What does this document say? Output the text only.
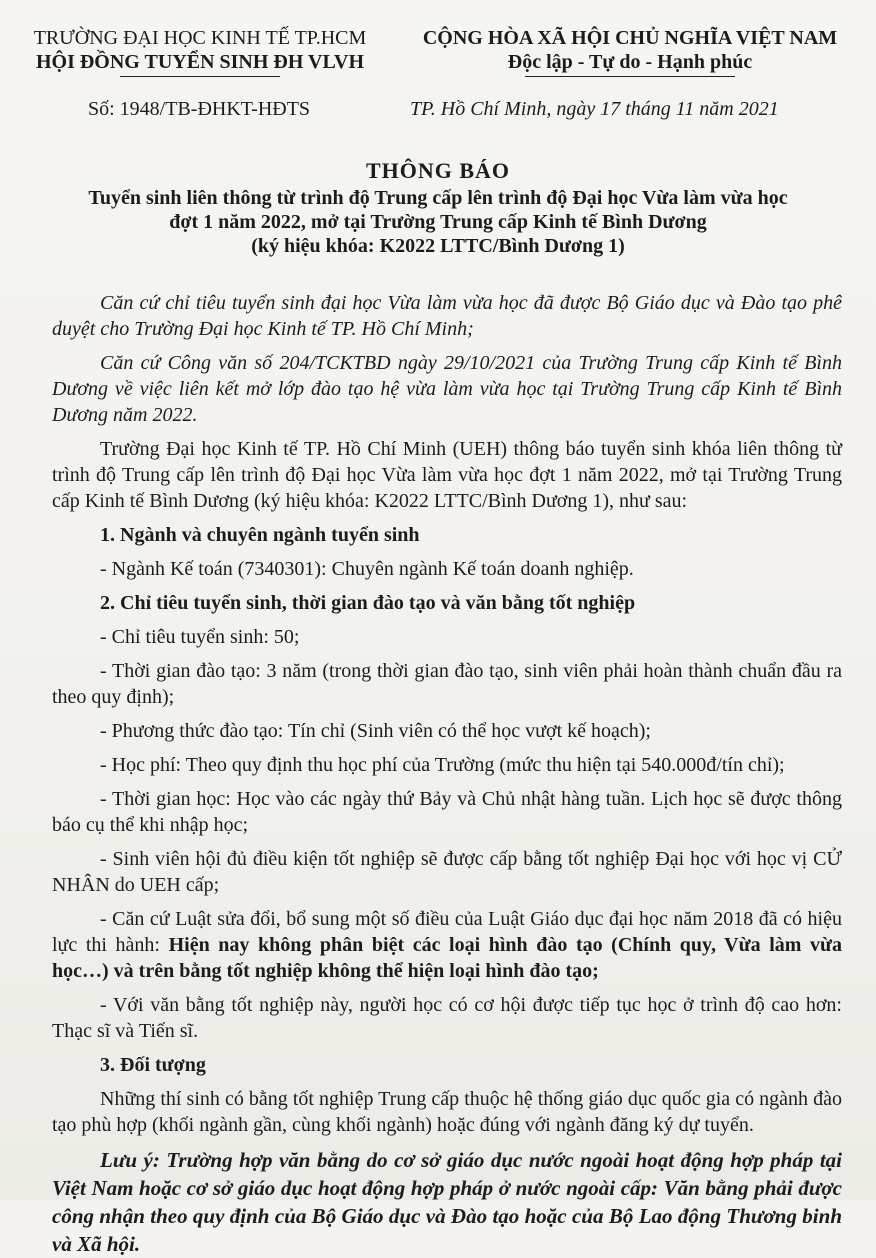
TRƯỜNG ĐẠI HỌC KINH TẾ TP.HCM
HỘI ĐỒNG TUYỂN SINH ĐH VLVH
CỘNG HÒA XÃ HỘI CHỦ NGHĨA VIỆT NAM
Độc lập - Tự do - Hạnh phúc
Số: 1948/TB-ĐHKT-HĐTS	TP. Hồ Chí Minh, ngày 17 tháng 11 năm 2021
THÔNG BÁO
Tuyển sinh liên thông từ trình độ Trung cấp lên trình độ Đại học Vừa làm vừa học
đợt 1 năm 2022, mở tại Trường Trung cấp Kinh tế Bình Dương
(ký hiệu khóa: K2022 LTTC/Bình Dương 1)

Căn cứ chỉ tiêu tuyển sinh đại học Vừa làm vừa học đã được Bộ Giáo dục và Đào tạo phê duyệt cho Trường Đại học Kinh tế TP. Hồ Chí Minh;

Căn cứ Công văn số 204/TCKTBD ngày 29/10/2021 của Trường Trung cấp Kinh tế Bình Dương về việc liên kết mở lớp đào tạo hệ vừa làm vừa học tại Trường Trung cấp Kinh tế Bình Dương năm 2022.

Trường Đại học Kinh tế TP. Hồ Chí Minh (UEH) thông báo tuyển sinh khóa liên thông từ trình độ Trung cấp lên trình độ Đại học Vừa làm vừa học đợt 1 năm 2022, mở tại Trường Trung cấp Kinh tế Bình Dương (ký hiệu khóa: K2022 LTTC/Bình Dương 1), như sau:

1. Ngành và chuyên ngành tuyển sinh

- Ngành Kế toán (7340301): Chuyên ngành Kế toán doanh nghiệp.

2. Chỉ tiêu tuyển sinh, thời gian đào tạo và văn bằng tốt nghiệp

- Chỉ tiêu tuyển sinh: 50;

- Thời gian đào tạo: 3 năm (trong thời gian đào tạo, sinh viên phải hoàn thành chuẩn đầu ra theo quy định);

- Phương thức đào tạo: Tín chỉ (Sinh viên có thể học vượt kế hoạch);

- Học phí: Theo quy định thu học phí của Trường (mức thu hiện tại 540.000đ/tín chỉ);

- Thời gian học: Học vào các ngày thứ Bảy và Chủ nhật hàng tuần. Lịch học sẽ được thông báo cụ thể khi nhập học;

- Sinh viên hội đủ điều kiện tốt nghiệp sẽ được cấp bằng tốt nghiệp Đại học với học vị CỬ NHÂN do UEH cấp;

- Căn cứ Luật sửa đổi, bổ sung một số điều của Luật Giáo dục đại học năm 2018 đã có hiệu lực thi hành: Hiện nay không phân biệt các loại hình đào tạo (Chính quy, Vừa làm vừa học…) và trên bằng tốt nghiệp không thể hiện loại hình đào tạo;

- Với văn bằng tốt nghiệp này, người học có cơ hội được tiếp tục học ở trình độ cao hơn: Thạc sĩ và Tiến sĩ.

3. Đối tượng

Những thí sinh có bằng tốt nghiệp Trung cấp thuộc hệ thống giáo dục quốc gia có ngành đào tạo phù hợp (khối ngành gần, cùng khối ngành) hoặc đúng với ngành đăng ký dự tuyển.

Lưu ý: Trường hợp văn bằng do cơ sở giáo dục nước ngoài hoạt động hợp pháp tại Việt Nam hoặc cơ sở giáo dục hoạt động hợp pháp ở nước ngoài cấp: Văn bằng phải được công nhận theo quy định của Bộ Giáo dục và Đào tạo hoặc của Bộ Lao động Thương binh và Xã hội.
